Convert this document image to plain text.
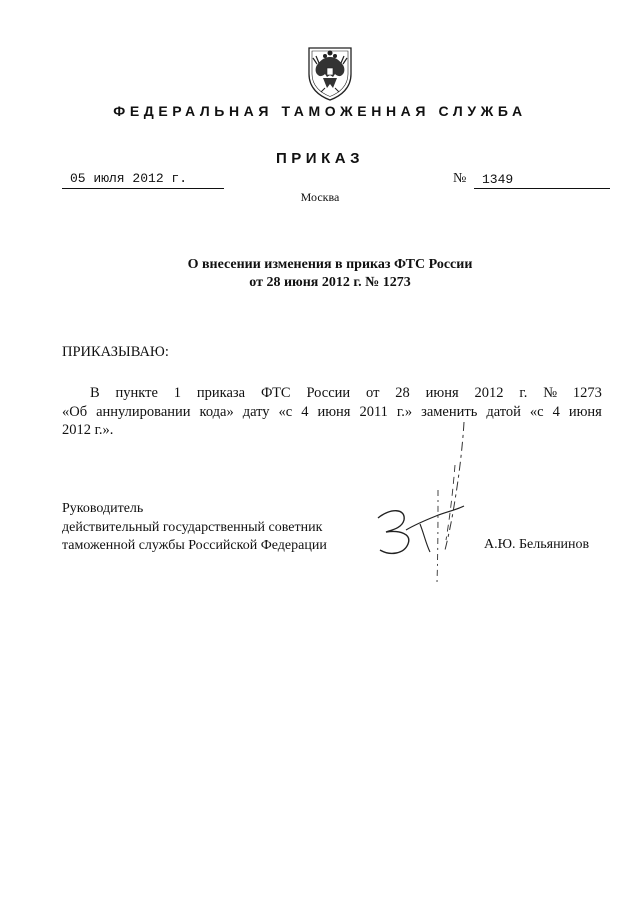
ФЕДЕРАЛЬНАЯ ТАМОЖЕННАЯ СЛУЖБА
ПРИКАЗ
05 июля 2012 г.	№	1349
Москва
О внесении изменения в приказ ФТС России
от 28 июня 2012 г. № 1273
ПРИКАЗЫВАЮ:
В пункте 1 приказа ФТС России от 28 июня 2012 г. № 1273
«Об аннулировании кода» дату «с 4 июня 2011 г.» заменить датой «с 4 июня
2012 г.».
Руководитель
действительный государственный советник
таможенной службы Российской Федерации	А.Ю. Бельянинов
